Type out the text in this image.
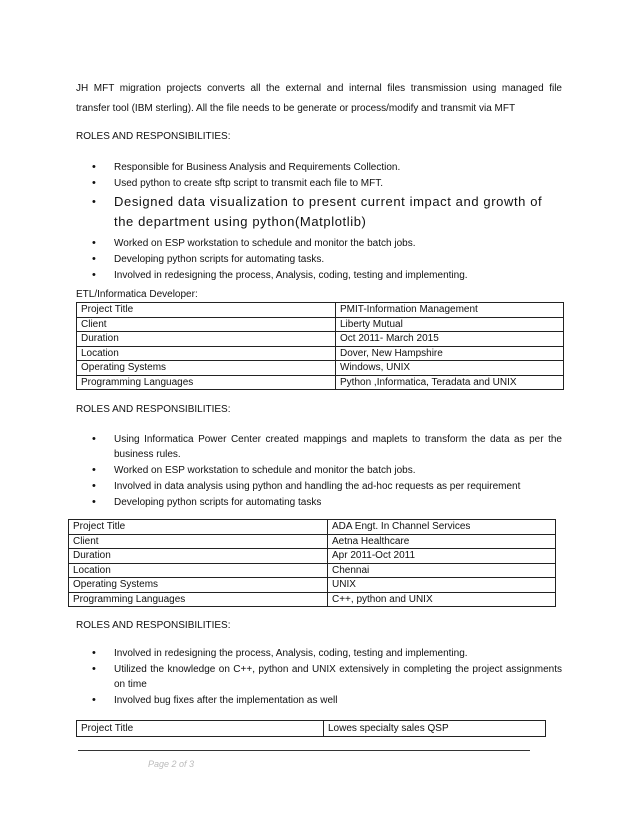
JH MFT migration projects converts all the external and internal files transmission using managed file
transfer tool (IBM sterling). All the file needs to be generate or process/modify and transmit via MFT
ROLES AND RESPONSIBILITIES:
• Responsible for Business Analysis and Requirements Collection.
• Used python to create sftp script to transmit each file to MFT.
• Designed data visualization to present current impact and growth of the department using python(Matplotlib)
• Worked on ESP workstation to schedule and monitor the batch jobs.
• Developing python scripts for automating tasks.
• Involved in redesigning the process, Analysis, coding, testing and implementing.
ETL/Informatica Developer:
Project Title	PMIT-Information Management
Client	Liberty Mutual
Duration	Oct 2011- March 2015
Location	Dover, New Hampshire
Operating Systems	Windows, UNIX
Programming Languages	Python ,Informatica, Teradata and UNIX
ROLES AND RESPONSIBILITIES:
• Using Informatica Power Center created mappings and maplets to transform the data as per the business rules.
• Worked on ESP workstation to schedule and monitor the batch jobs.
• Involved in data analysis using python and handling the ad-hoc requests as per requirement
• Developing python scripts for automating tasks
Project Title	ADA Engt. In Channel Services
Client	Aetna Healthcare
Duration	Apr 2011-Oct 2011
Location	Chennai
Operating Systems	UNIX
Programming Languages	C++, python and UNIX
ROLES AND RESPONSIBILITIES:
• Involved in redesigning the process, Analysis, coding, testing and implementing.
• Utilized the knowledge on C++, python and UNIX extensively in completing the project assignments on time
• Involved bug fixes after the implementation as well
Project Title	Lowes specialty sales QSP
Page 2 of 3
